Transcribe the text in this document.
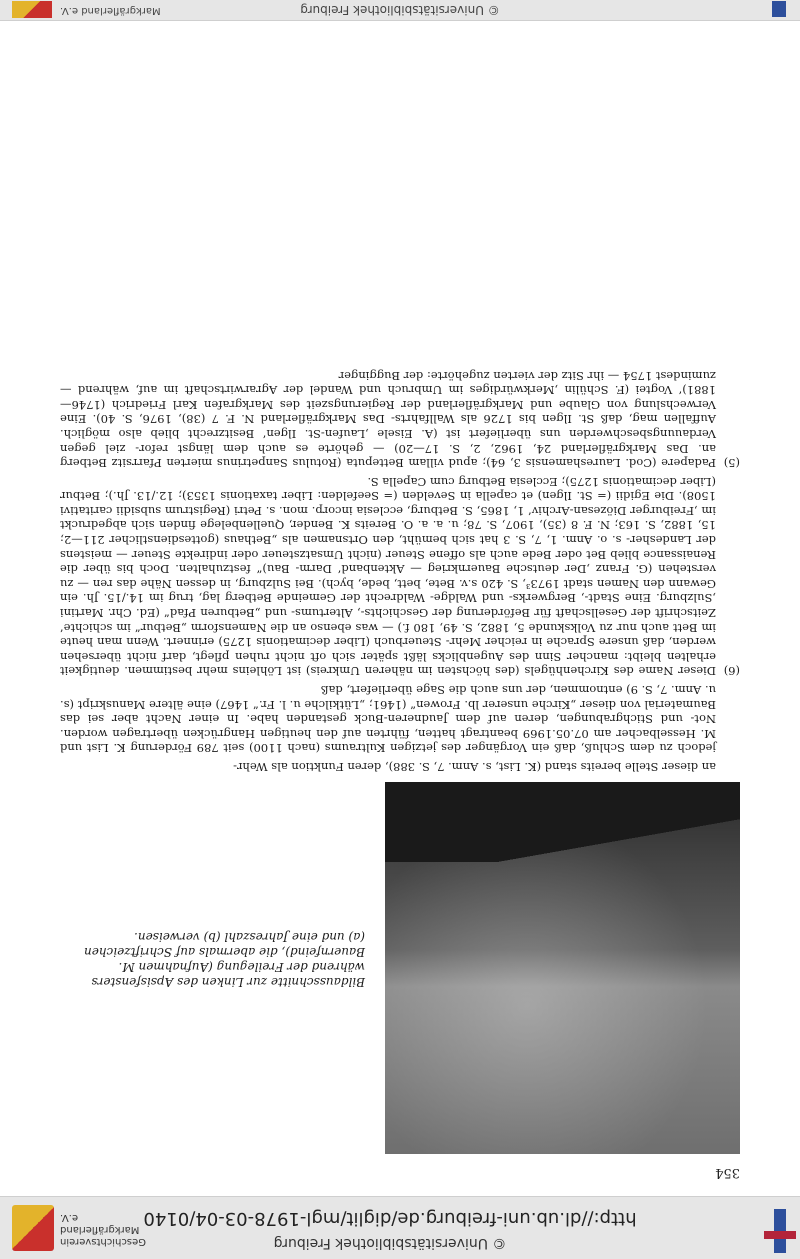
© Universitätsbibliothek Freiburg
http://dl.ub.uni-freiburg.de/diglit/mgl-1978-03-04/0140
Geschichtsverein Markgräflerland e.V.
354

Bildausschnitte zur Linken des Apsisfensters während der Freilegung (Aufnahmen M. Bauernfeind), die abermals auf Schriftzeichen (a) und eine Jahreszahl (b) verweisen.

an dieser Stelle bereits stand (K. List, s. Anm. 7, S. 388), deren Funktion als Wehr-

jedoch zu dem Schluß, daß ein Vorgänger des jetzigen Kultraums (nach 1100) seit 789 Förderung K. List und M. Hesselbacher am 07.05.1969 beantragt hatten, führten auf den heutigen Hangrücken übertragen worden. Not- und Stichgrabungen, deren auf dem Jaudneren-Buck gestanden habe. In einer Nacht aber sei das Baumaterial von dieser „Kirche unserer lb. Frowen“ (1461; „Lütkilche u. l. Fr.“ 1467) eine ältere Manuskript (s. u. Anm. 7, S. 9) entnommen, der uns auch die Sage überliefert, daß

(6)
Dieser Name des Kirchenhügels (des höchsten im näheren Umkreis) ist Löhleins mehr bestimmen. deutigkeit erhalten bleibt: mancher Sinn des Augenblicks läßt später sich oft nicht ruhen pflegt, darf nicht übersehen werden, daß unsere Sprache in reicher Mehr- Steuerbuch (Liber decimationis 1275) erinnert. Wenn man heute im Bett auch nur zu Volkskunde 5, 1882, S. 49, 180 f.) — was ebenso an die Namensform „Betbur“ im schichte‘ Zeitschrift der Gesellschaft für Beförderung der Geschichts-, Altertums- und „Betburen Pfad“ (Ed. Chr. Martini ‚Sulzburg. Eine Stadt-, Bergwerks- und Waldge- Waldrecht der Gemeinde Betberg lag, trug im 14./15. Jh. ein Gewann den Namen stadt 1973³, S. 420 s.v. Bete, bett, bede, bych). Bei Sulzburg, in dessen Nähe das ren — zu verstehen (G. Franz ‚Der deutsche Bauernkrieg — Aktenband‘ Darm- Bau)“ festzuhalten. Doch bis über die Renaissance blieb Bet oder Bede auch als offene Steuer (nicht Umsatzsteuer oder indirekte Steuer — meistens der Landesher- s. o. Anm. 1, 7, S. 3 hat sich bemüht, den Ortsnamen als „Bethaus (gottesdienstlicher 211—2; 15, 1882, S. 163; N. F. 8 (35), 1907, S. 78; u. a. a. O. Bereits K. Bender, Quellenbelege finden sich abgedruckt im ‚Freiburger Diözesan-Archiv‘ 1, 1865, S. Betburg, ecclesia incorp. mon. s. Petri (Registrum subsidii caritativi 1508). Die Egidii (= St. Ilgen) et capella in Sevelden (= Seefelden: Liber taxationis 1353); 12./13. Jh.); Betbur (Liber decimationis 1275); Ecclesia Betburg cum Capella S.

(5)
Padapere (Cod. Laureshamensis 3, 64); apud villam Betteputa (Rotulus Sanpetrinus mierten Pfarrsitz Betberg an. Das Markgräflerland 24, 1962, 2, S. 17—20) — gehörte es auch dem längst refor- ziel gegen Verdauungsbeschwerden uns überliefert ist (A. Eisele ‚Laufen-St. Ilgen‘ Besitzrecht blieb also möglich. Auffallen mag, daß St. Ilgen bis 1726 als Wallfahrts- Das Markgräflerland N. F. 7 (38), 1976, S. 40). Eine Verwechslung von Glaube und Markgräflerland der Regierungszeit des Markgrafen Karl Friedrich (1746—1881)‘ Vogtei (F. Schülin ‚Merkwürdiges im Umbruch und Wandel der Agrarwirtschaft im auf, während — zumindest 1754 — ihr Sitz der vierten zugehörte: der Bugginger

© Universitätsbibliothek Freiburg
Markgräflerland e.V.
